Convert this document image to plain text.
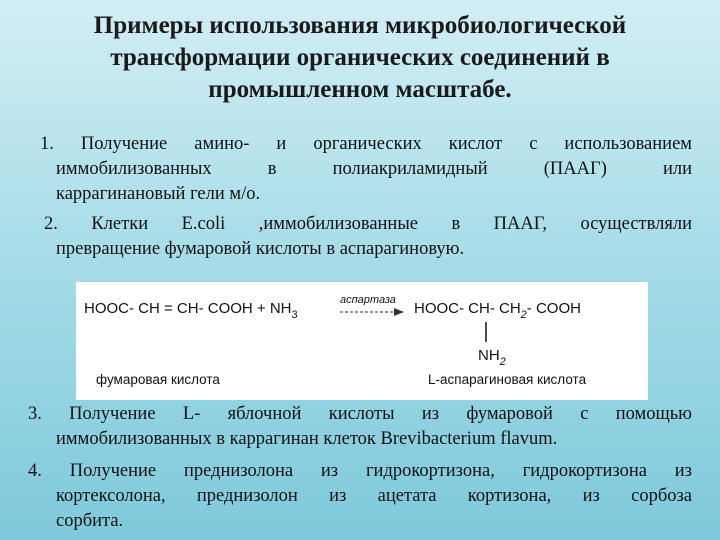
Примеры использования микробиологической
трансформации органических соединений в
промышленном масштабе.
1. Получение амино- и органических кислот с использованием
иммобилизованных в полиакриламидный (ПААГ) или
каррагинановый гели м/о.
2. Клетки E.coli ,иммобилизованные в ПААГ, осуществляли
превращение фумаровой кислоты в аспарагиновую.
HOOC- CH = CH- COOH + $NH_3$
аспартаза HOOC- CH- $CH_2-$ COOH
$NH_2$
фумаровая кислота	L-аспарагиновая кислота
3. Получение L- яблочной кислоты из фумаровой с помощью
иммобилизованных в каррагинан клеток Brevibacterium flavum.
4. Получение преднизолона из гидрокортизона, гидрокортизона из
кортексолона, преднизолон из ацетата кортизона, из сорбоза
сорбита.
